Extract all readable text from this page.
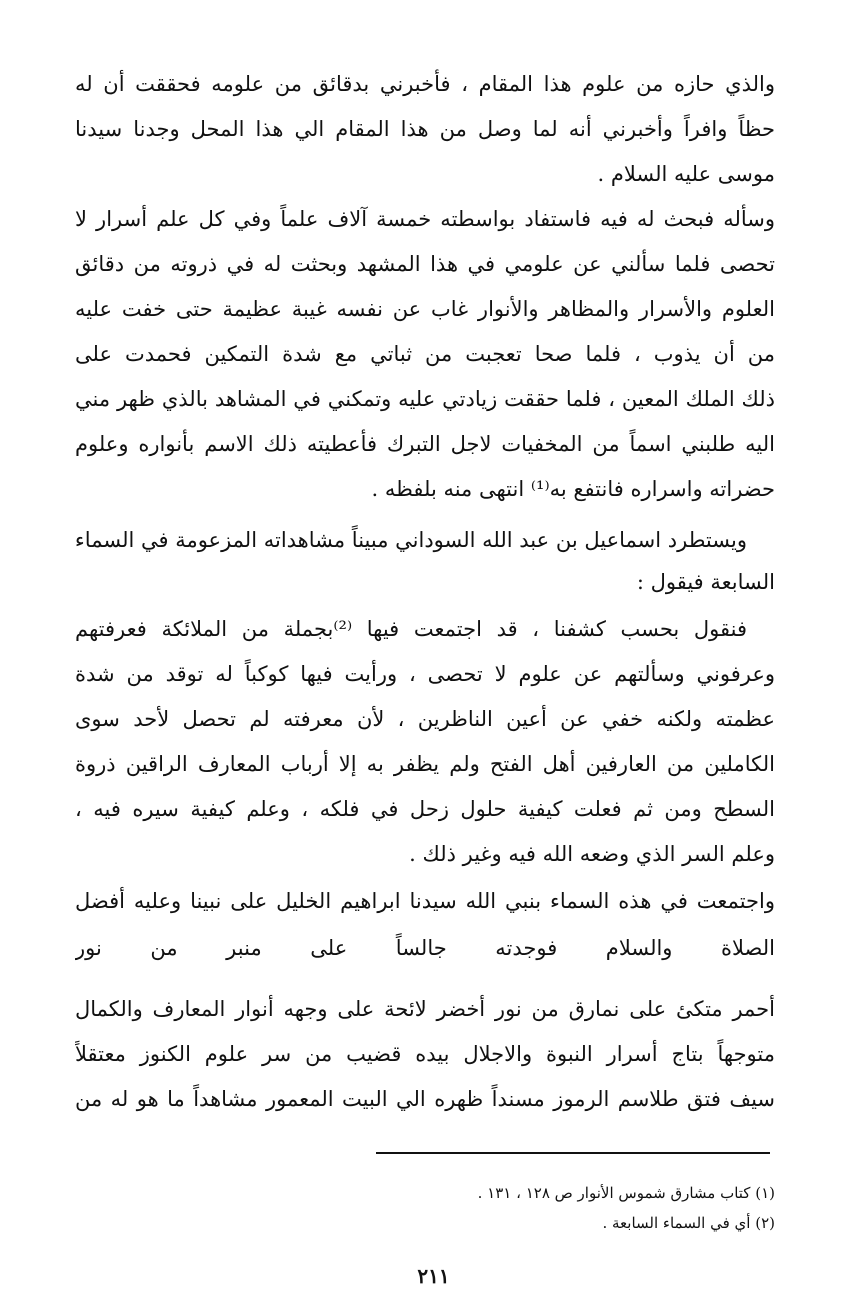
والذي حازه من علوم هذا المقام ، فأخبرني بدقائق من علومه فحققت أن له
حظاً وافراً وأخبرني أنه لما وصل من هذا المقام الي هذا المحل وجدنا سيدنا
موسى عليه السلام .
وسأله فبحث له فيه فاستفاد بواسطته خمسة آلاف علماً وفي كل علم أسرار لا
تحصى فلما سألني عن علومي في هذا المشهد وبحثت له في ذروته من دقائق
العلوم والأسرار والمظاهر والأنوار غاب عن نفسه غيبة عظيمة حتى خفت عليه
من أن يذوب ، فلما صحا تعجبت من ثباتي مع شدة التمكين فحمدت على
ذلك الملك المعين ، فلما حققت زيادتي عليه وتمكني في المشاهد بالذي ظهر مني
اليه طلبني اسماً من المخفيات لاجل التبرك فأعطيته ذلك الاسم بأنواره وعلوم
حضراته واسراره فانتفع به⁽¹⁾ انتهى منه بلفظه .
ويستطرد اسماعيل بن عبد الله السوداني مبيناً مشاهداته المزعومة في السماء
السابعة فيقول :
فنقول بحسب كشفنا ، قد اجتمعت فيها ⁽²⁾بجملة من الملائكة فعرفتهم
وعرفوني وسألتهم عن علوم لا تحصى ، ورأيت فيها كوكباً له توقد من شدة
عظمته ولكنه خفي عن أعين الناظرين ، لأن معرفته لم تحصل لأحد سوى
الكاملين من العارفين أهل الفتح ولم يظفر به إلا أرباب المعارف الراقين ذروة
السطح ومن ثم فعلت كيفية حلول زحل في فلكه ، وعلم كيفية سيره فيه ،
وعلم السر الذي وضعه الله فيه وغير ذلك .
واجتمعت في هذه السماء بنبي الله سيدنا ابراهيم الخليل على نبينا وعليه أفضل
الصلاة والسلام فوجدته جالساً على منبر من نور
أحمر متكئ على نمارق من نور أخضر لائحة على وجهه أنوار المعارف والكمال
متوجهاً بتاج أسرار النبوة والاجلال بيده قضيب من سر علوم الكنوز معتقلاً
سيف فتق طلاسم الرموز مسنداً ظهره الي البيت المعمور مشاهداً ما هو له من
(١) كتاب مشارق شموس الأنوار ص ١٢٨ ، ١٣١ .
(٢) أي في السماء السابعة .
٢١١
